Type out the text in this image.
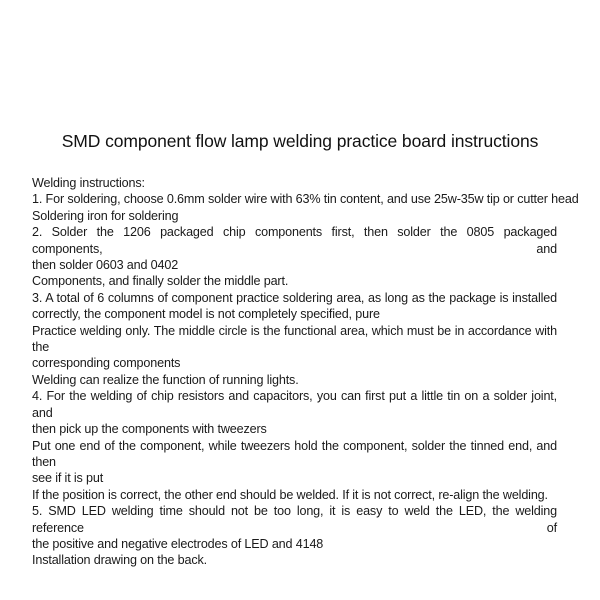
SMD component flow lamp welding practice board instructions
Welding instructions:
1. For soldering, choose 0.6mm solder wire with 63% tin content, and use 25w-35w tip or cutter head
Soldering iron for soldering
2. Solder the 1206 packaged chip components first, then solder the 0805 packaged components, and
then solder 0603 and 0402
Components, and finally solder the middle part.
3. A total of 6 columns of component practice soldering area, as long as the package is installed
correctly, the component model is not completely specified, pure
Practice welding only. The middle circle is the functional area, which must be in accordance with the
corresponding components
Welding can realize the function of running lights.
4. For the welding of chip resistors and capacitors, you can first put a little tin on a solder joint, and
then pick up the components with tweezers
Put one end of the component, while tweezers hold the component, solder the tinned end, and then
see if it is put
If the position is correct, the other end should be welded. If it is not correct, re-align the welding.
5. SMD LED welding time should not be too long, it is easy to weld the LED, the welding reference of
the positive and negative electrodes of LED and 4148
Installation drawing on the back.
